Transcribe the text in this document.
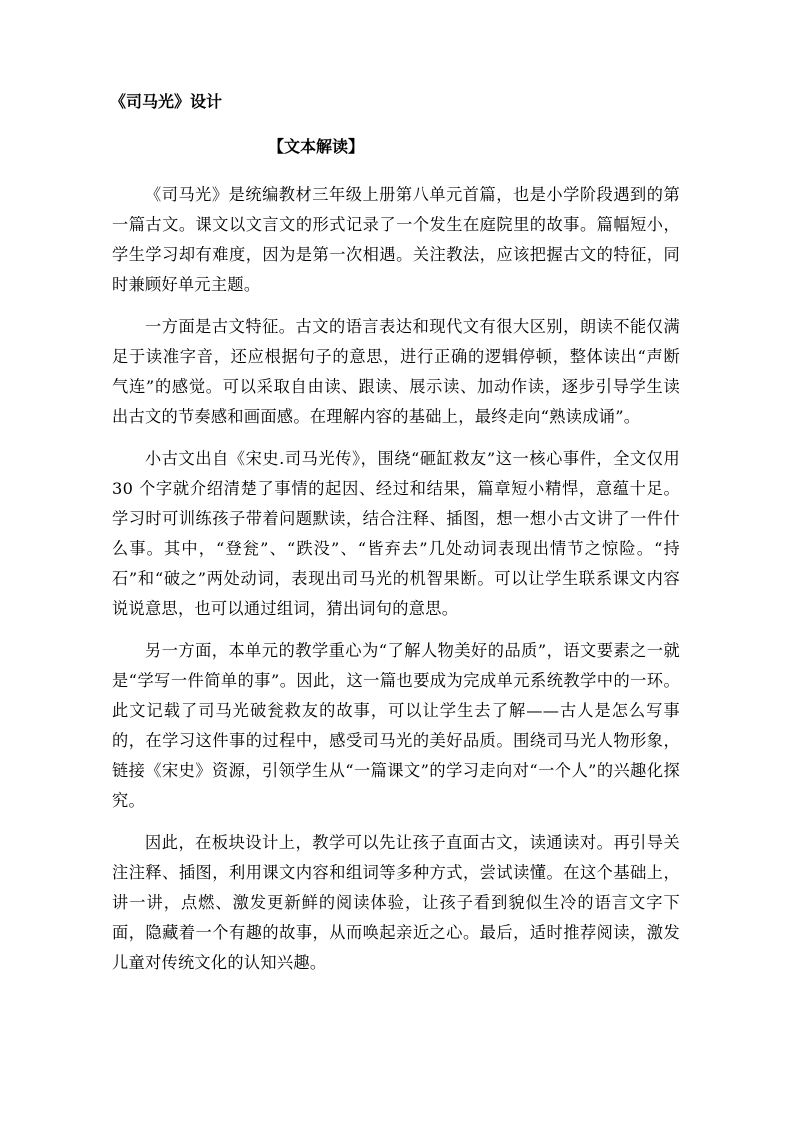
《司马光》设计
【文本解读】

《司马光》是统编教材三年级上册第八单元首篇，也是小学阶段遇到的第一篇古文。课文以文言文的形式记录了一个发生在庭院里的故事。篇幅短小， 学生学习却有难度，因为是第一次相遇。关注教法，应该把握古文的特征，同时兼顾好单元主题。

一方面是古文特征。古文的语言表达和现代文有很大区别，朗读不能仅满足于读准字音，还应根据句子的意思，进行正确的逻辑停顿，整体读出“声断气连”的感觉。可以采取自由读、跟读、展示读、加动作读，逐步引导学生读出古文的节奏感和画面感。在理解内容的基础上，最终走向“熟读成诵”。

小古文出自《宋史.司马光传》，围绕“砸缸救友”这一核心事件，全文仅用 30 个字就介绍清楚了事情的起因、经过和结果，篇章短小精悍，意蕴十足。学习时可训练孩子带着问题默读，结合注释、插图，想一想小古文讲了一件什么事。其中，“登瓮”、“跌没”、“皆弃去”几处动词表现出情节之惊险。“持石”和“破之”两处动词，表现出司马光的机智果断。可以让学生联系课文内容说说意思，也可以通过组词，猜出词句的意思。

另一方面，本单元的教学重心为“了解人物美好的品质”，语文要素之一就是“学写一件简单的事”。因此，这一篇也要成为完成单元系统教学中的一环。此文记载了司马光破瓮救友的故事，可以让学生去了解——古人是怎么写事的，在学习这件事的过程中，感受司马光的美好品质。围绕司马光人物形象， 链接《宋史》资源，引领学生从“一篇课文”的学习走向对“一个人”的兴趣化探究。

因此，在板块设计上，教学可以先让孩子直面古文，读通读对。再引导关注注释、插图，利用课文内容和组词等多种方式，尝试读懂。在这个基础上， 讲一讲，点燃、激发更新鲜的阅读体验，让孩子看到貌似生冷的语言文字下面，隐藏着一个有趣的故事，从而唤起亲近之心。最后，适时推荐阅读，激发儿童对传统文化的认知兴趣。
